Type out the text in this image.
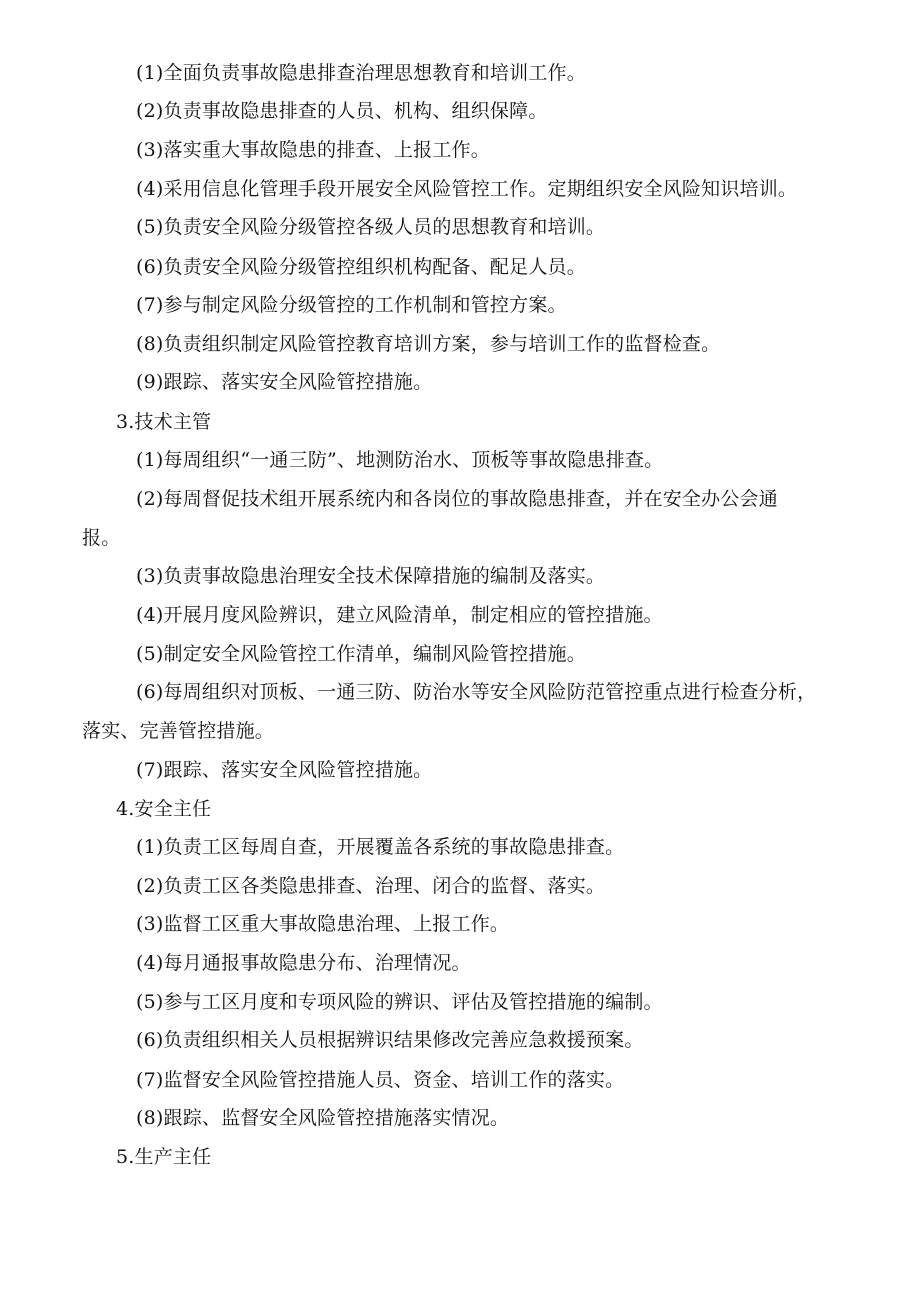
(1)全面负责事故隐患排查治理思想教育和培训工作。
(2)负责事故隐患排查的人员、机构、组织保障。
(3)落实重大事故隐患的排查、上报工作。
(4)采用信息化管理手段开展安全风险管控工作。定期组织安全风险知识培训。
(5)负责安全风险分级管控各级人员的思想教育和培训。
(6)负责安全风险分级管控组织机构配备、配足人员。
(7)参与制定风险分级管控的工作机制和管控方案。
(8)负责组织制定风险管控教育培训方案，参与培训工作的监督检查。
(9)跟踪、落实安全风险管控措施。
3.技术主管
(1)每周组织“一通三防”、地测防治水、顶板等事故隐患排查。
(2)每周督促技术组开展系统内和各岗位的事故隐患排查，并在安全办公会通
报。
(3)负责事故隐患治理安全技术保障措施的编制及落实。
(4)开展月度风险辨识，建立风险清单，制定相应的管控措施。
(5)制定安全风险管控工作清单，编制风险管控措施。
(6)每周组织对顶板、一通三防、防治水等安全风险防范管控重点进行检查分析，
落实、完善管控措施。
(7)跟踪、落实安全风险管控措施。
4.安全主任
(1)负责工区每周自查，开展覆盖各系统的事故隐患排查。
(2)负责工区各类隐患排查、治理、闭合的监督、落实。
(3)监督工区重大事故隐患治理、上报工作。
(4)每月通报事故隐患分布、治理情况。
(5)参与工区月度和专项风险的辨识、评估及管控措施的编制。
(6)负责组织相关人员根据辨识结果修改完善应急救援预案。
(7)监督安全风险管控措施人员、资金、培训工作的落实。
(8)跟踪、监督安全风险管控措施落实情况。
5.生产主任
